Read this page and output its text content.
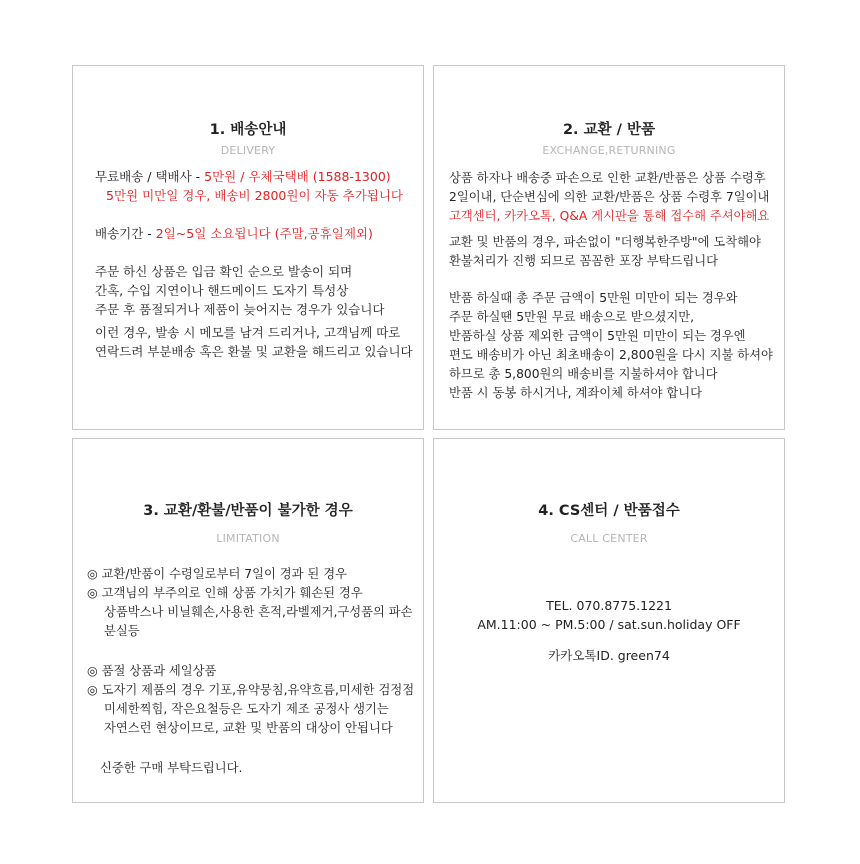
1. 배송안내
DELIVERY
무료배송 / 택배사 - 5만원 / 우체국택배 (1588-1300)
5만원 미만일 경우, 배송비 2800원이 자동 추가됩니다
배송기간 - 2일~5일 소요됩니다 (주말,공휴일제외)
주문 하신 상품은 입금 확인 순으로 발송이 되며
간혹, 수입 지연이나 핸드메이드 도자기 특성상
주문 후 품절되거나 제품이 늦어지는 경우가 있습니다
이런 경우, 발송 시 메모를 남겨 드리거나, 고객님께 따로
연락드려 부분배송 혹은 환불 및 교환을 해드리고 있습니다
2. 교환 / 반품
EXCHANGE,RETURNING
상품 하자나 배송중 파손으로 인한 교환/반품은 상품 수령후
2일이내, 단순변심에 의한 교환/반품은 상품 수령후 7일이내
고객센터, 카카오톡, Q&A 게시판을 통해 접수해 주셔야해요
교환 및 반품의 경우, 파손없이 "더행복한주방"에 도착해야
환불처리가 진행 되므로 꼼꼼한 포장 부탁드립니다
반품 하실때 총 주문 금액이 5만원 미만이 되는 경우와
주문 하실땐 5만원 무료 배송으로 받으셨지만,
반품하실 상품 제외한 금액이 5만원 미만이 되는 경우엔
편도 배송비가 아닌 최초배송이 2,800원을 다시 지불 하셔야
하므로 총 5,800원의 배송비를 지불하셔야 합니다
반품 시 동봉 하시거나, 계좌이체 하셔야 합니다
3. 교환/환불/반품이 불가한 경우
LIMITATION
◎ 교환/반품이 수령일로부터 7일이 경과 된 경우
◎ 고객님의 부주의로 인해 상품 가치가 훼손된 경우
상품박스나 비닐훼손,사용한 흔적,라벨제거,구성품의 파손
분실등
◎ 품절 상품과 세일상품
◎ 도자기 제품의 경우 기포,유약뭉침,유약흐름,미세한 검정점
미세한찍힘, 작은요철등은 도자기 제조 공정사 생기는
자연스런 현상이므로, 교환 및 반품의 대상이 안됩니다
신중한 구매 부탁드립니다.
4. CS센터 / 반품접수
CALL CENTER
TEL. 070.8775.1221
AM.11:00 ~ PM.5:00 / sat.sun.holiday OFF
카카오톡ID. green74
